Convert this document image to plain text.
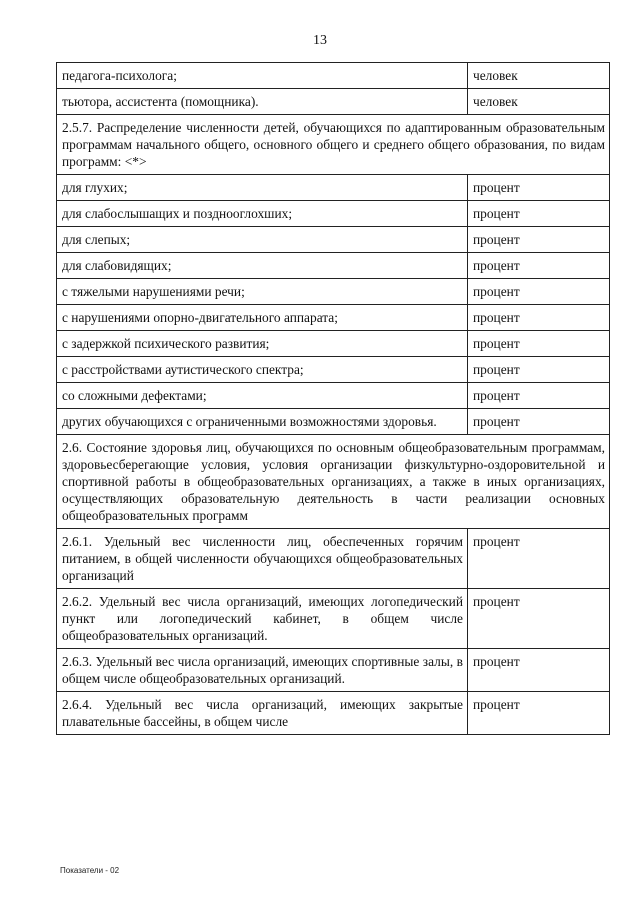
13
педагога-психолога;	человек
тьютора, ассистента (помощника).	человек
2.5.7. Распределение численности детей, обучающихся по адаптированным образовательным программам начального общего, основного общего и среднего общего образования, по видам программ: <*>	
для глухих;	процент
для слабослышащих и позднооглохших;	процент
для слепых;	процент
для слабовидящих;	процент
с тяжелыми нарушениями речи;	процент
с нарушениями опорно-двигательного аппарата;	процент
с задержкой психического развития;	процент
с расстройствами аутистического спектра;	процент
со сложными дефектами;	процент
других обучающихся с ограниченными возможностями здоровья.	процент
2.6. Состояние здоровья лиц, обучающихся по основным общеобразовательным программам, здоровьесберегающие условия, условия организации физкультурно-оздоровительной и спортивной работы в общеобразовательных организациях, а также в иных организациях, осуществляющих образовательную деятельность в части реализации основных общеобразовательных программ	
2.6.1. Удельный вес численности лиц, обеспеченных горячим питанием, в общей численности обучающихся общеобразовательных организаций	процент
2.6.2. Удельный вес числа организаций, имеющих логопедический пункт или логопедический кабинет, в общем числе общеобразовательных организаций.	процент
2.6.3. Удельный вес числа организаций, имеющих спортивные залы, в общем числе общеобразовательных организаций.	процент
2.6.4. Удельный вес числа организаций, имеющих закрытые плавательные бассейны, в общем числе	процент
Показатели - 02
